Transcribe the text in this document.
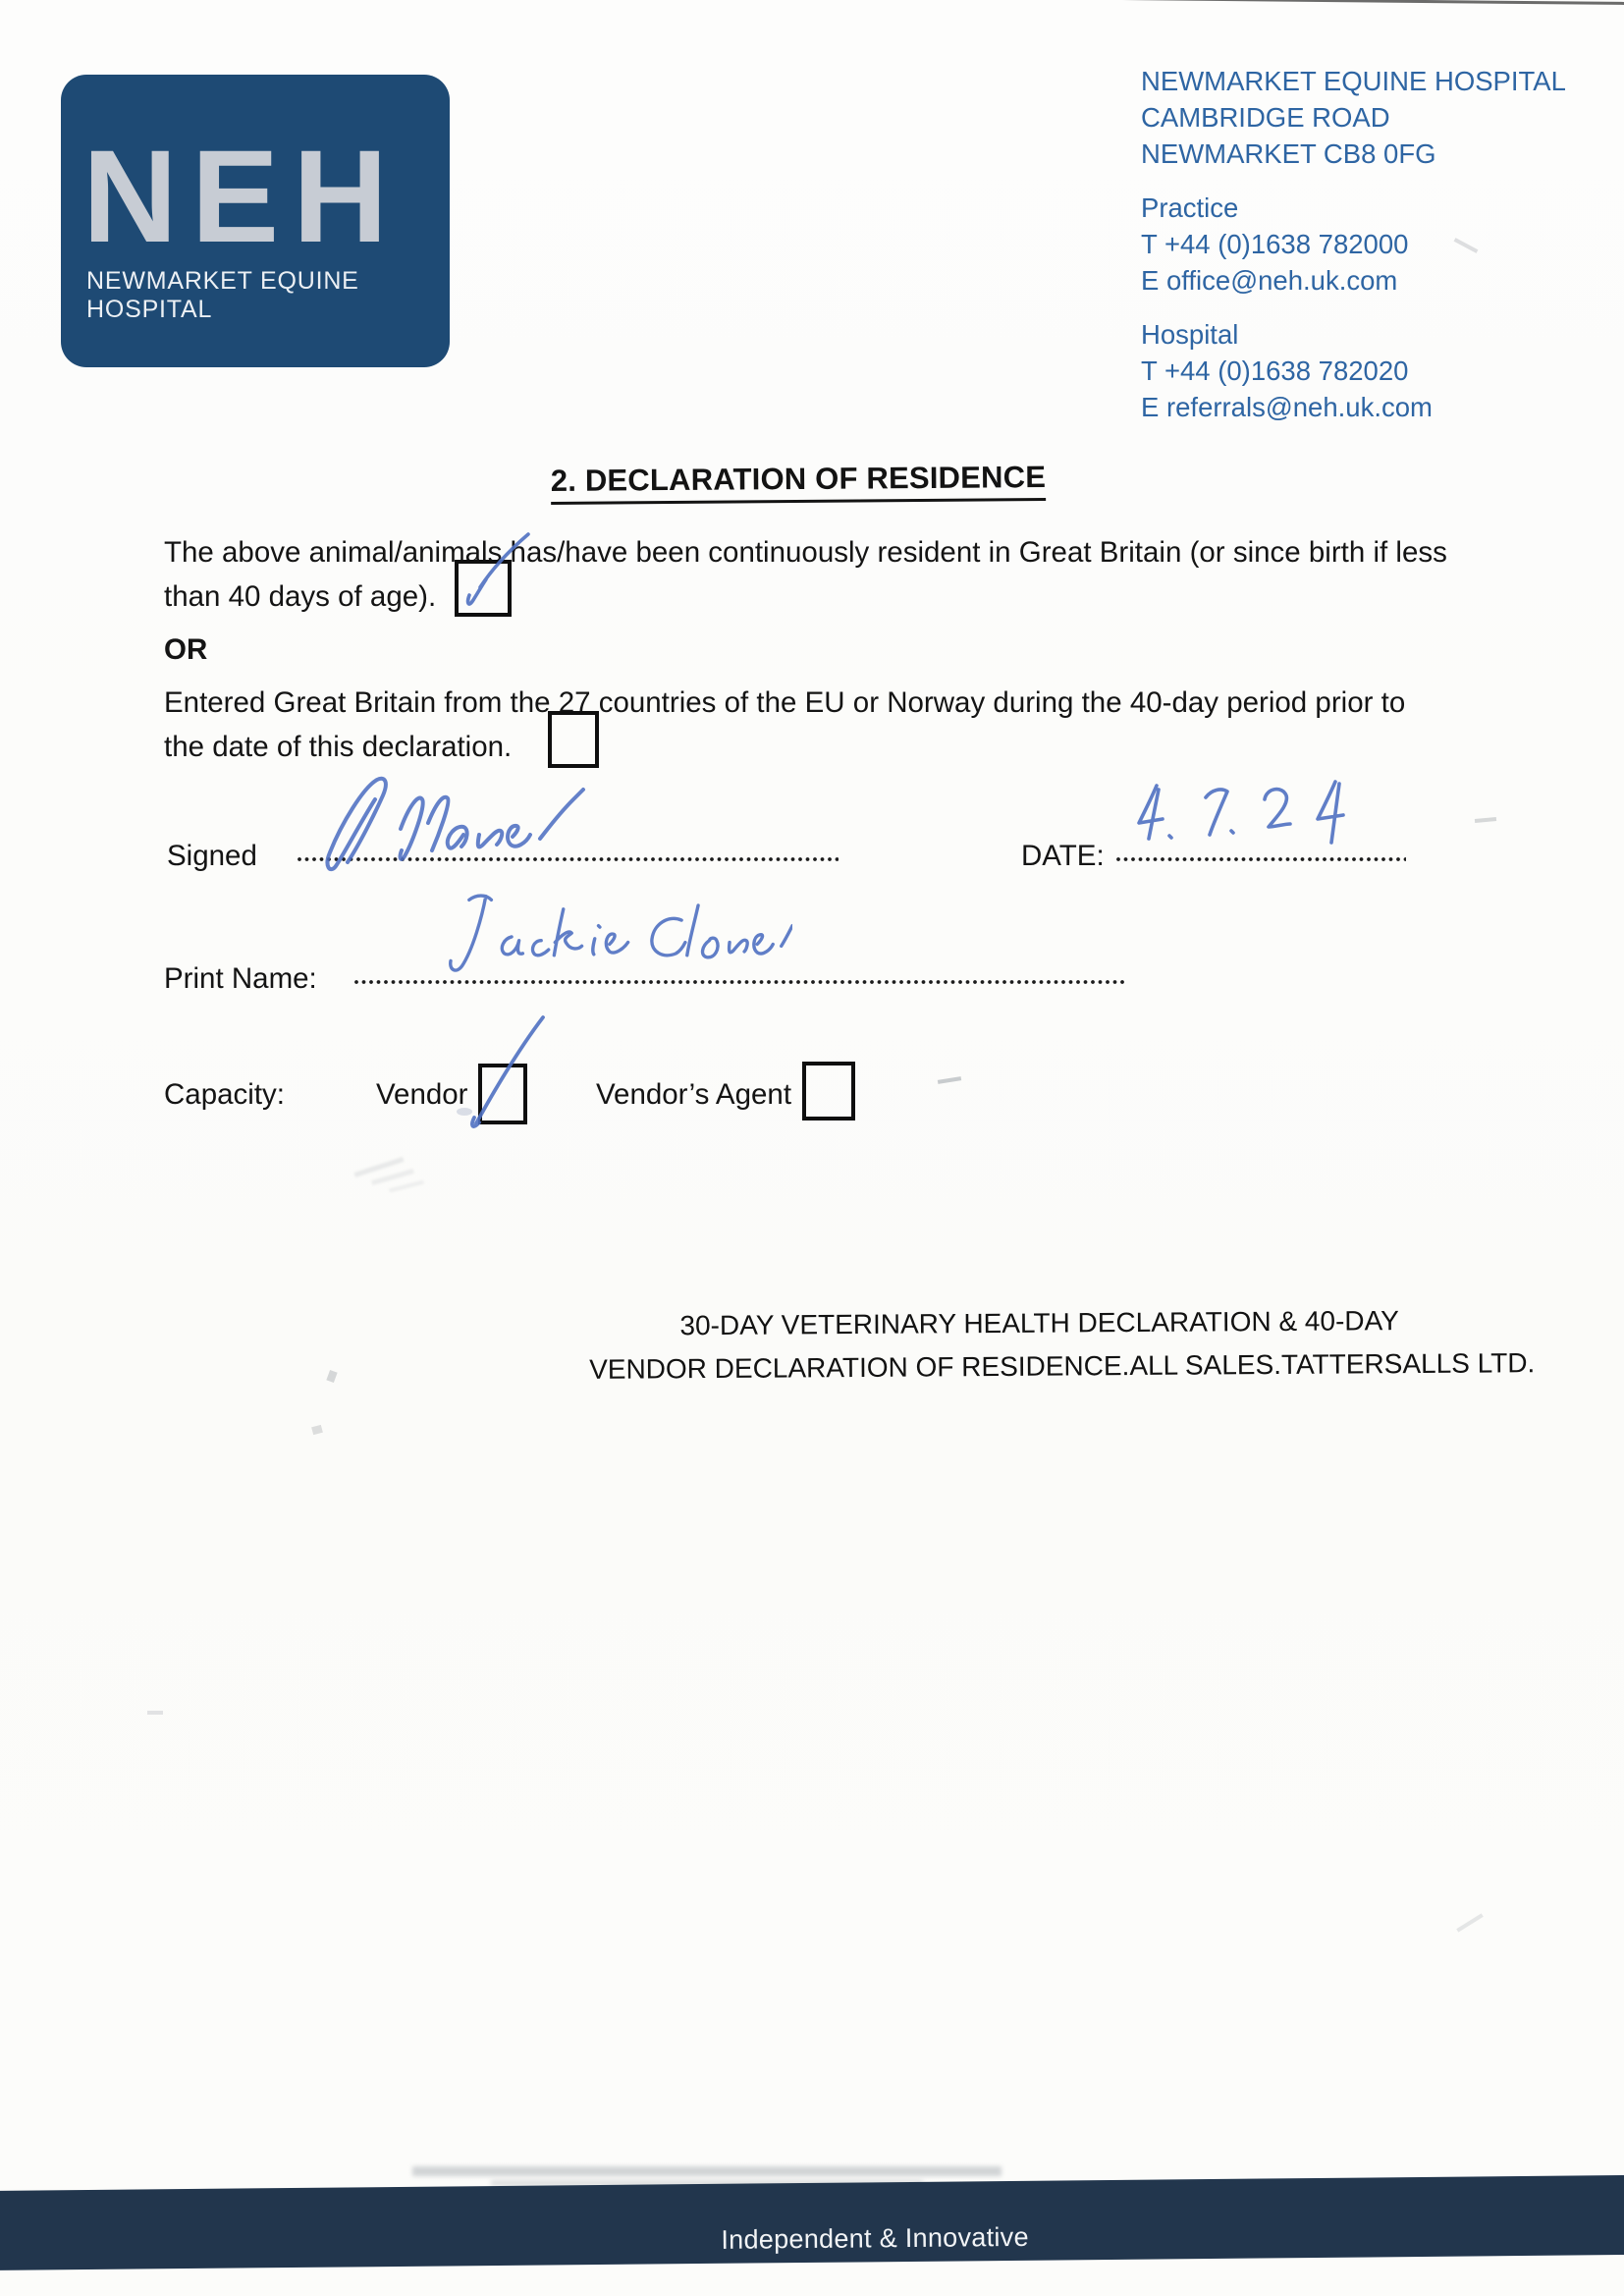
NEH
NEWMARKET EQUINE HOSPITAL
NEWMARKET EQUINE HOSPITAL
CAMBRIDGE ROAD
NEWMARKET CB8 0FG
Practice
T +44 (0)1638 782000
E office@neh.uk.com
Hospital
T +44 (0)1638 782020
E referrals@neh.uk.com
2. DECLARATION OF RESIDENCE
The above animal/animals has/have been continuously resident in Great Britain (or since birth if less
than 40 days of age).
OR
Entered Great Britain from the 27 countries of the EU or Norway during the 40-day period prior to
the date of this declaration.
Signed	DATE:
Print Name:
Capacity:	Vendor	Vendor’s Agent
30-DAY VETERINARY HEALTH DECLARATION & 40-DAY
VENDOR DECLARATION OF RESIDENCE.ALL SALES.TATTERSALLS LTD.
Independent & Innovative
